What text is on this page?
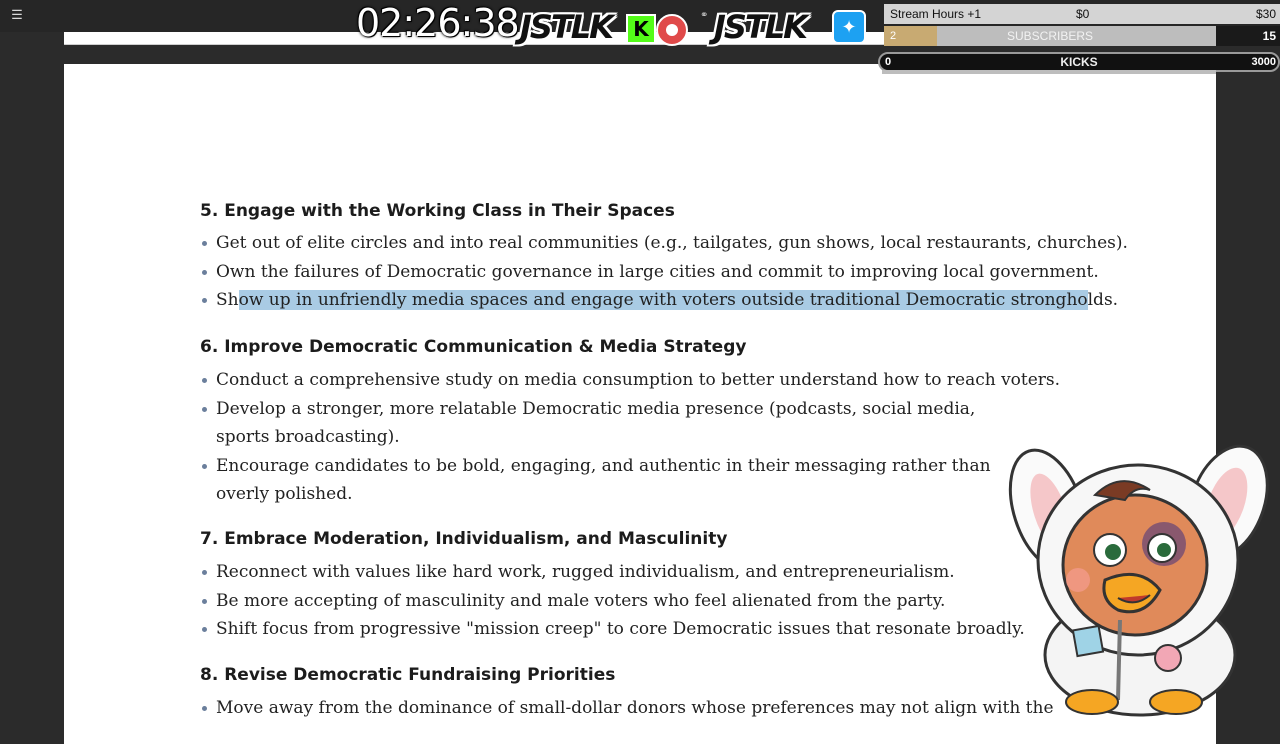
☰
5. Engage with the Working Class in Their Spaces
Get out of elite circles and into real communities (e.g., tailgates, gun shows, local restaurants, churches).
Own the failures of Democratic governance in large cities and commit to improving local government.
Show up in unfriendly media spaces and engage with voters outside traditional Democratic strongholds.
6. Improve Democratic Communication & Media Strategy
Conduct a comprehensive study on media consumption to better understand how to reach voters.
Develop a stronger, more relatable Democratic media presence (podcasts, social media, sports broadcasting).
Encourage candidates to be bold, engaging, and authentic in their messaging rather than overly polished.
7. Embrace Moderation, Individualism, and Masculinity
Reconnect with values like hard work, rugged individualism, and entrepreneurialism.
Be more accepting of masculinity and male voters who feel alienated from the party.
Shift focus from progressive "mission creep" to core Democratic issues that resonate broadly.
8. Revise Democratic Fundraising Priorities
Move away from the dominance of small-dollar donors whose preferences may not align with the
02:26:38 JSTLK	K
⚭ JSTLK	✦
Stream Hours +1	$0	$30
2	SUBSCRIBERS	15
0	KICKS	3000
